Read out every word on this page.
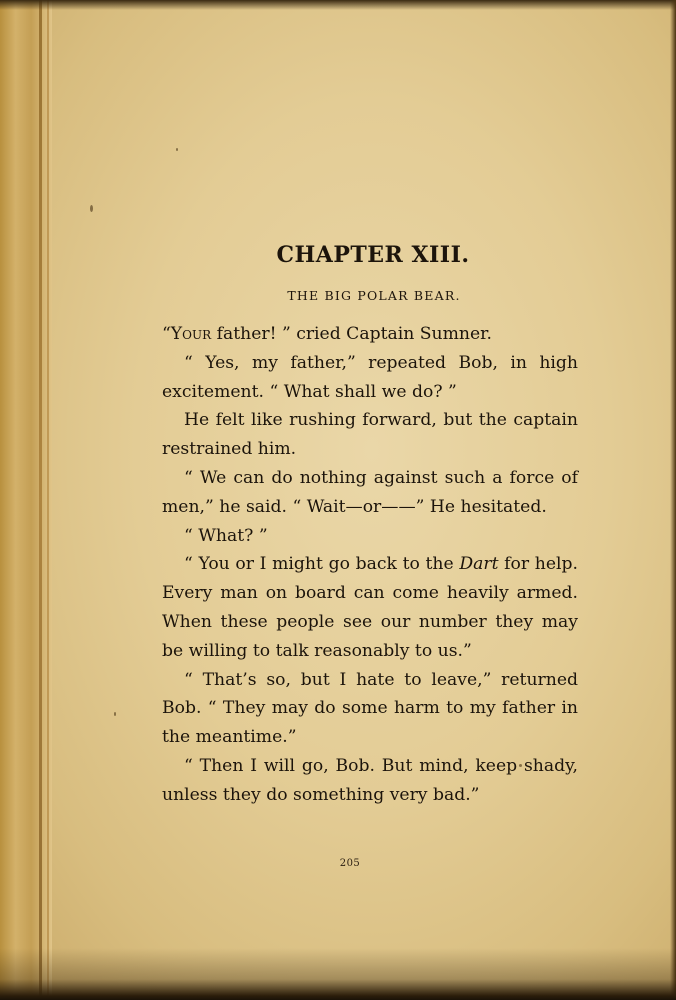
CHAPTER XIII.
THE BIG POLAR BEAR.

“Your father! ” cried Captain Sumner.

“ Yes, my father,” repeated Bob, in high excitement. “ What shall we do? ”

He felt like rushing forward, but the captain restrained him.

“ We can do nothing against such a force of men,” he said. “ Wait—or——” He hesitated.

“ What? ”

“ You or I might go back to the Dart for help. Every man on board can come heavily armed. When these people see our number they may be willing to talk reasonably to us.”

“ That’s so, but I hate to leave,” returned Bob. “ They may do some harm to my father in the meantime.”

“ Then I will go, Bob. But mind, keep shady, unless they do something very bad.”

205
